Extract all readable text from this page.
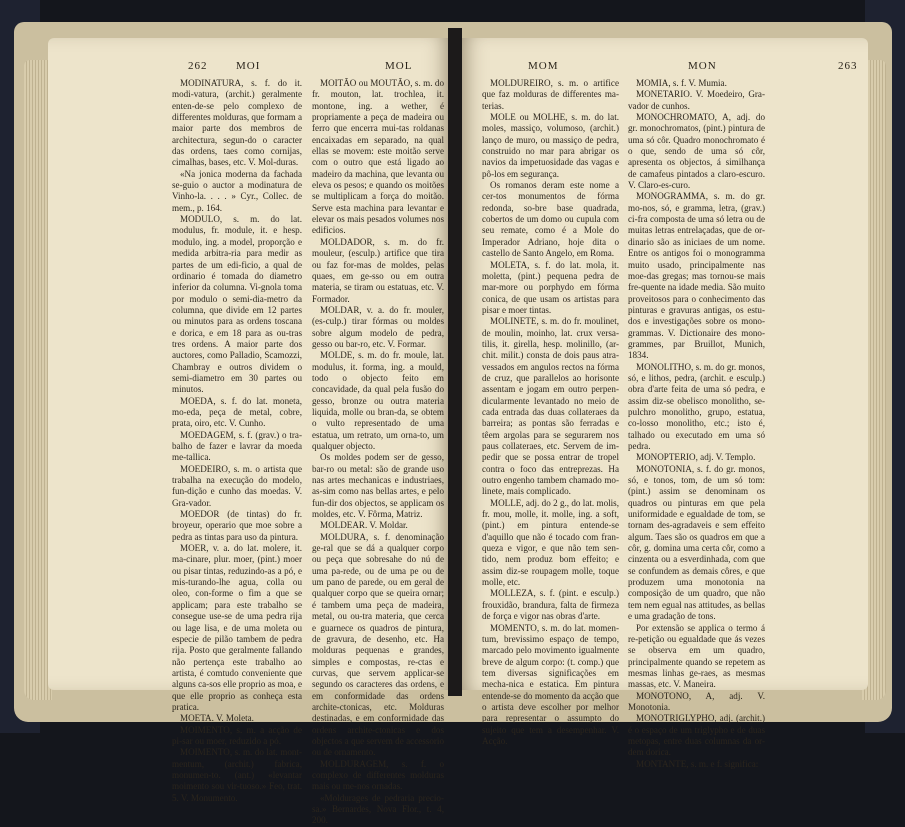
262	MOI	MOL	MOM	MON	263

MODINATURA, s. f. do it. modi-vatura, (archit.) geralmente enten-de-se pelo complexo de differentes molduras, que formam a maior parte dos membros de architectura, segun-do o caracter das ordens, taes como cornijas, cimalhas, bases, etc. V. Mol-duras.

«Na jonica moderna da fachada se-guio o auctor a modinatura de Vinho-la. . . . » Cyr., Collec. de mem., p. 164.

MODULO, s. m. do lat. modulus, fr. module, it. e hesp. modulo, ing. a model, proporção e medida arbitra-ria para medir as partes de um edi-ficio, a qual de ordinario é tomada do diametro inferior da columna. Vi-gnola toma por modulo o semi-dia-metro da columna, que divide em 12 partes ou minutos para as ordens toscana e dorica, e em 18 para as ou-tras tres ordens. A maior parte dos auctores, como Palladio, Scamozzi, Chambray e outros dividem o semi-diametro em 30 partes ou minutos.

MOEDA, s. f. do lat. moneta, mo-eda, peça de metal, cobre, prata, oiro, etc. V. Cunho.

MOEDAGEM, s. f. (grav.) o tra-balho de fazer e lavrar da moeda me-tallica.

MOEDEIRO, s. m. o artista que trabalha na execução do modelo, fun-dição e cunho das moedas. V. Gra-vador.

MOEDOR (de tintas) do fr. broyeur, operario que moe sobre a pedra as tintas para uso da pintura.

MOER, v. a. do lat. molere, it. ma-cinare, plur. moer, (pint.) moer ou pisar tintas, reduzindo-as a pó, e mis-turando-lhe agua, colla ou oleo, con-forme o fim a que se applicam; para este trabalho se consegue use-se de uma pedra rija ou lage lisa, e de uma moleta ou especie de pilão tambem de pedra rija. Posto que geralmente fallando não pertença este trabalho ao artista, é comtudo conveniente que alguns ca-sos elle proprio as moa, e que elle proprio as conheça esta pratica.

MOETA. V. Moleta.

MOIMENTO, s. m. a acção de pi-sar ou moer, reduzido a pó.

MOIMENTO, s. m. do lat. mont-mentum, (archit.) fabrica, monumen-to. (ant.) «levantar moimento sou vir-tuoso.» Feo, trat. 5. V. Monumento.

MOITÃO ou MOUTÃO, s. m. do fr. mouton, lat. trochlea, it. montone, ing. a wether, é propriamente a peça de madeira ou ferro que encerra mui-tas roldanas encaixadas em separado, na qual ellas se movem: este moitão serve com o outro que está ligado ao madeiro da machina, que levanta ou eleva os pesos; e quando os moitões se multiplicam a força do moitão. Serve esta machina para levantar e elevar os mais pesados volumes nos edificios.

MOLDADOR, s. m. do fr. mouleur, (esculp.) artifice que tira ou faz for-mas de moldes, pelas quaes, em ge-sso ou em outra materia, se tiram ou estatuas, etc. V. Formador.

MOLDAR, v. a. do fr. mouler, (es-culp.) tirar fórmas ou moldes sobre algum modelo de pedra, gesso ou bar-ro, etc. V. Formar.

MOLDE, s. m. do fr. moule, lat. modulus, it. forma, ing. a mould, todo o objecto feito em concavidade, da qual pela fusão do gesso, bronze ou outra materia liquida, molle ou bran-da, se obtem o vulto representado de uma estatua, um retrato, um orna-to, um qualquer objecto.

Os moldes podem ser de gesso, bar-ro ou metal: são de grande uso nas artes mechanicas e industriaes, as-sim como nas bellas artes, e pelo fun-dir dos objectos, se applicam os moldes, etc. V. Fôrma, Matriz.

MOLDEAR. V. Moldar.

MOLDURA, s. f. denominação ge-ral que se dá a qualquer corpo ou peça que sobresahe do nú de uma pa-rede, ou de uma pe ou de um pano de parede, ou em geral de qualquer corpo que se queira ornar; é tambem uma peça de madeira, metal, ou ou-tra materia, que cerca e guarnece os quadros de pintura, de gravura, de desenho, etc. Ha molduras pequenas e grandes, simples e compostas, re-ctas e curvas, que servem applicar-se segundo os caracteres das ordens, e em conformidade das ordens archite-ctonicas, etc. Molduras destinadas, e em conformidade das ordens archite-ctonicas e dos objectos a que servem de accessorio ou de ornamento.

MOLDURAGEM, s. f. o complexo de differentes molduras mais ou me-nos ornadas.

«Moldurages de pedraria precio-sa.» Bernardes, Nova Flor., t. 4, 200.

MOLDUREIRO, s. m. o artifice que faz molduras de differentes ma-terias.

MOLE ou MOLHE, s. m. do lat. moles, massiço, volumoso, (archit.) lanço de muro, ou massiço de pedra, construido no mar para abrigar os navios da impetuosidade das vagas e pô-los em segurança.

Os romanos deram este nome a cer-tos monumentos de fórma redonda, so-bre base quadrada, cobertos de um domo ou cupula com seu remate, como é a Mole do Imperador Adriano, hoje dita o castello de Santo Angelo, em Roma.

MOLETA, s. f. do lat. mola, it. moletta, (pint.) pequena pedra de mar-more ou porphydo em fórma conica, de que usam os artistas para pisar e moer tintas.

MOLINETE, s. m. do fr. moulinet, de moulin, moinho, lat. crux versa-tilis, it. girella, hesp. molinillo, (ar-chit. milit.) consta de dois paus atra-vessados em angulos rectos na fórma de cruz, que parallelos ao horisonte assentam e jogam em outro perpen-dicularmente levantado no meio de cada entrada das duas collateraes da barreira; as pontas são ferradas e têem argolas para se segurarem nos paus collateraes, etc. Servem de im-pedir que se possa entrar de tropel contra o foco das entreprezas. Ha outro engenho tambem chamado mo-linete, mais complicado.

MOLLE, adj. do 2 g., do lat. molis, fr. mou, molle, it. molle, ing. a soft, (pint.) em pintura entende-se d'aquillo que não é tocado com fran-queza e vigor, e que não tem sen-tido, nem produz bom effeito; e assim diz-se roupagem molle, toque molle, etc.

MOLLEZA, s. f. (pint. e esculp.) frouxidão, brandura, falta de firmeza de força e vigor nas obras d'arte.

MOMENTO, s. m. do lat. momen-tum, brevissimo espaço de tempo, marcado pelo movimento igualmente breve de algum corpo: (t. comp.) que tem diversas significações em mecha-nica e estatica. Em pintura entende-se do momento da acção que o artista deve escolher por melhor para representar o assumpto do sujeito que tem a desempenhar. V. Acção.

MOMIA, s. f. V. Mumia.

MONETARIO. V. Moedeiro, Gra-vador de cunhos.

MONOCHROMATO, A, adj. do gr. monochromatos, (pint.) pintura de uma só côr. Quadro monochromato é o que, sendo de uma só côr, apresenta os objectos, á similhança de camafeus pintados a claro-escuro. V. Claro-es-curo.

MONOGRAMMA, s. m. do gr. mo-nos, só, e gramma, letra, (grav.) ci-fra composta de uma só letra ou de muitas letras entrelaçadas, que de or-dinario são as iniciaes de um nome. Entre os antigos foi o monogramma muito usado, principalmente nas moe-das gregas; mas tornou-se mais fre-quente na idade media. São muito proveitosos para o conhecimento das pinturas e gravuras antigas, os estu-dos e investigações sobre os mono-grammas. V. Dictionaire des mono-grammes, par Bruillot, Munich, 1834.

MONOLITHO, s. m. do gr. monos, só, e lithos, pedra, (archit. e esculp.) obra d'arte feita de uma só pedra, e assim diz-se obelisco monolitho, se-pulchro monolitho, grupo, estatua, co-losso monolitho, etc.; isto é, talhado ou executado em uma só pedra.

MONOPTERIO, adj. V. Templo.

MONOTONIA, s. f. do gr. monos, só, e tonos, tom, de um só tom: (pint.) assim se denominam os quadros ou pinturas em que pela uniformidade e egualdade de tom, se tornam des-agradaveis e sem effeito algum. Taes são os quadros em que a côr, g. domina uma certa côr, como a cinzenta ou a esverdinhada, com que se confundem as demais côres, e que produzem uma monotonia na composição de um quadro, que não tem nem egual nas attitudes, as bellas e uma gradação de tons.

Por extensão se applica o termo á re-petição ou egualdade que ás vezes se observa em um quadro, principalmente quando se repetem as mesmas linhas ge-raes, as mesmas massas, etc. V. Maneira.

MONOTONO, A, adj. V. Monotonia.

MONOTRIGLYPHO, adj. (archit.) é o espaço de um triglypho e de duas metopas, entre duas columnas da or-dem dorica.

MONTANTE, s. m. e f. significa:
